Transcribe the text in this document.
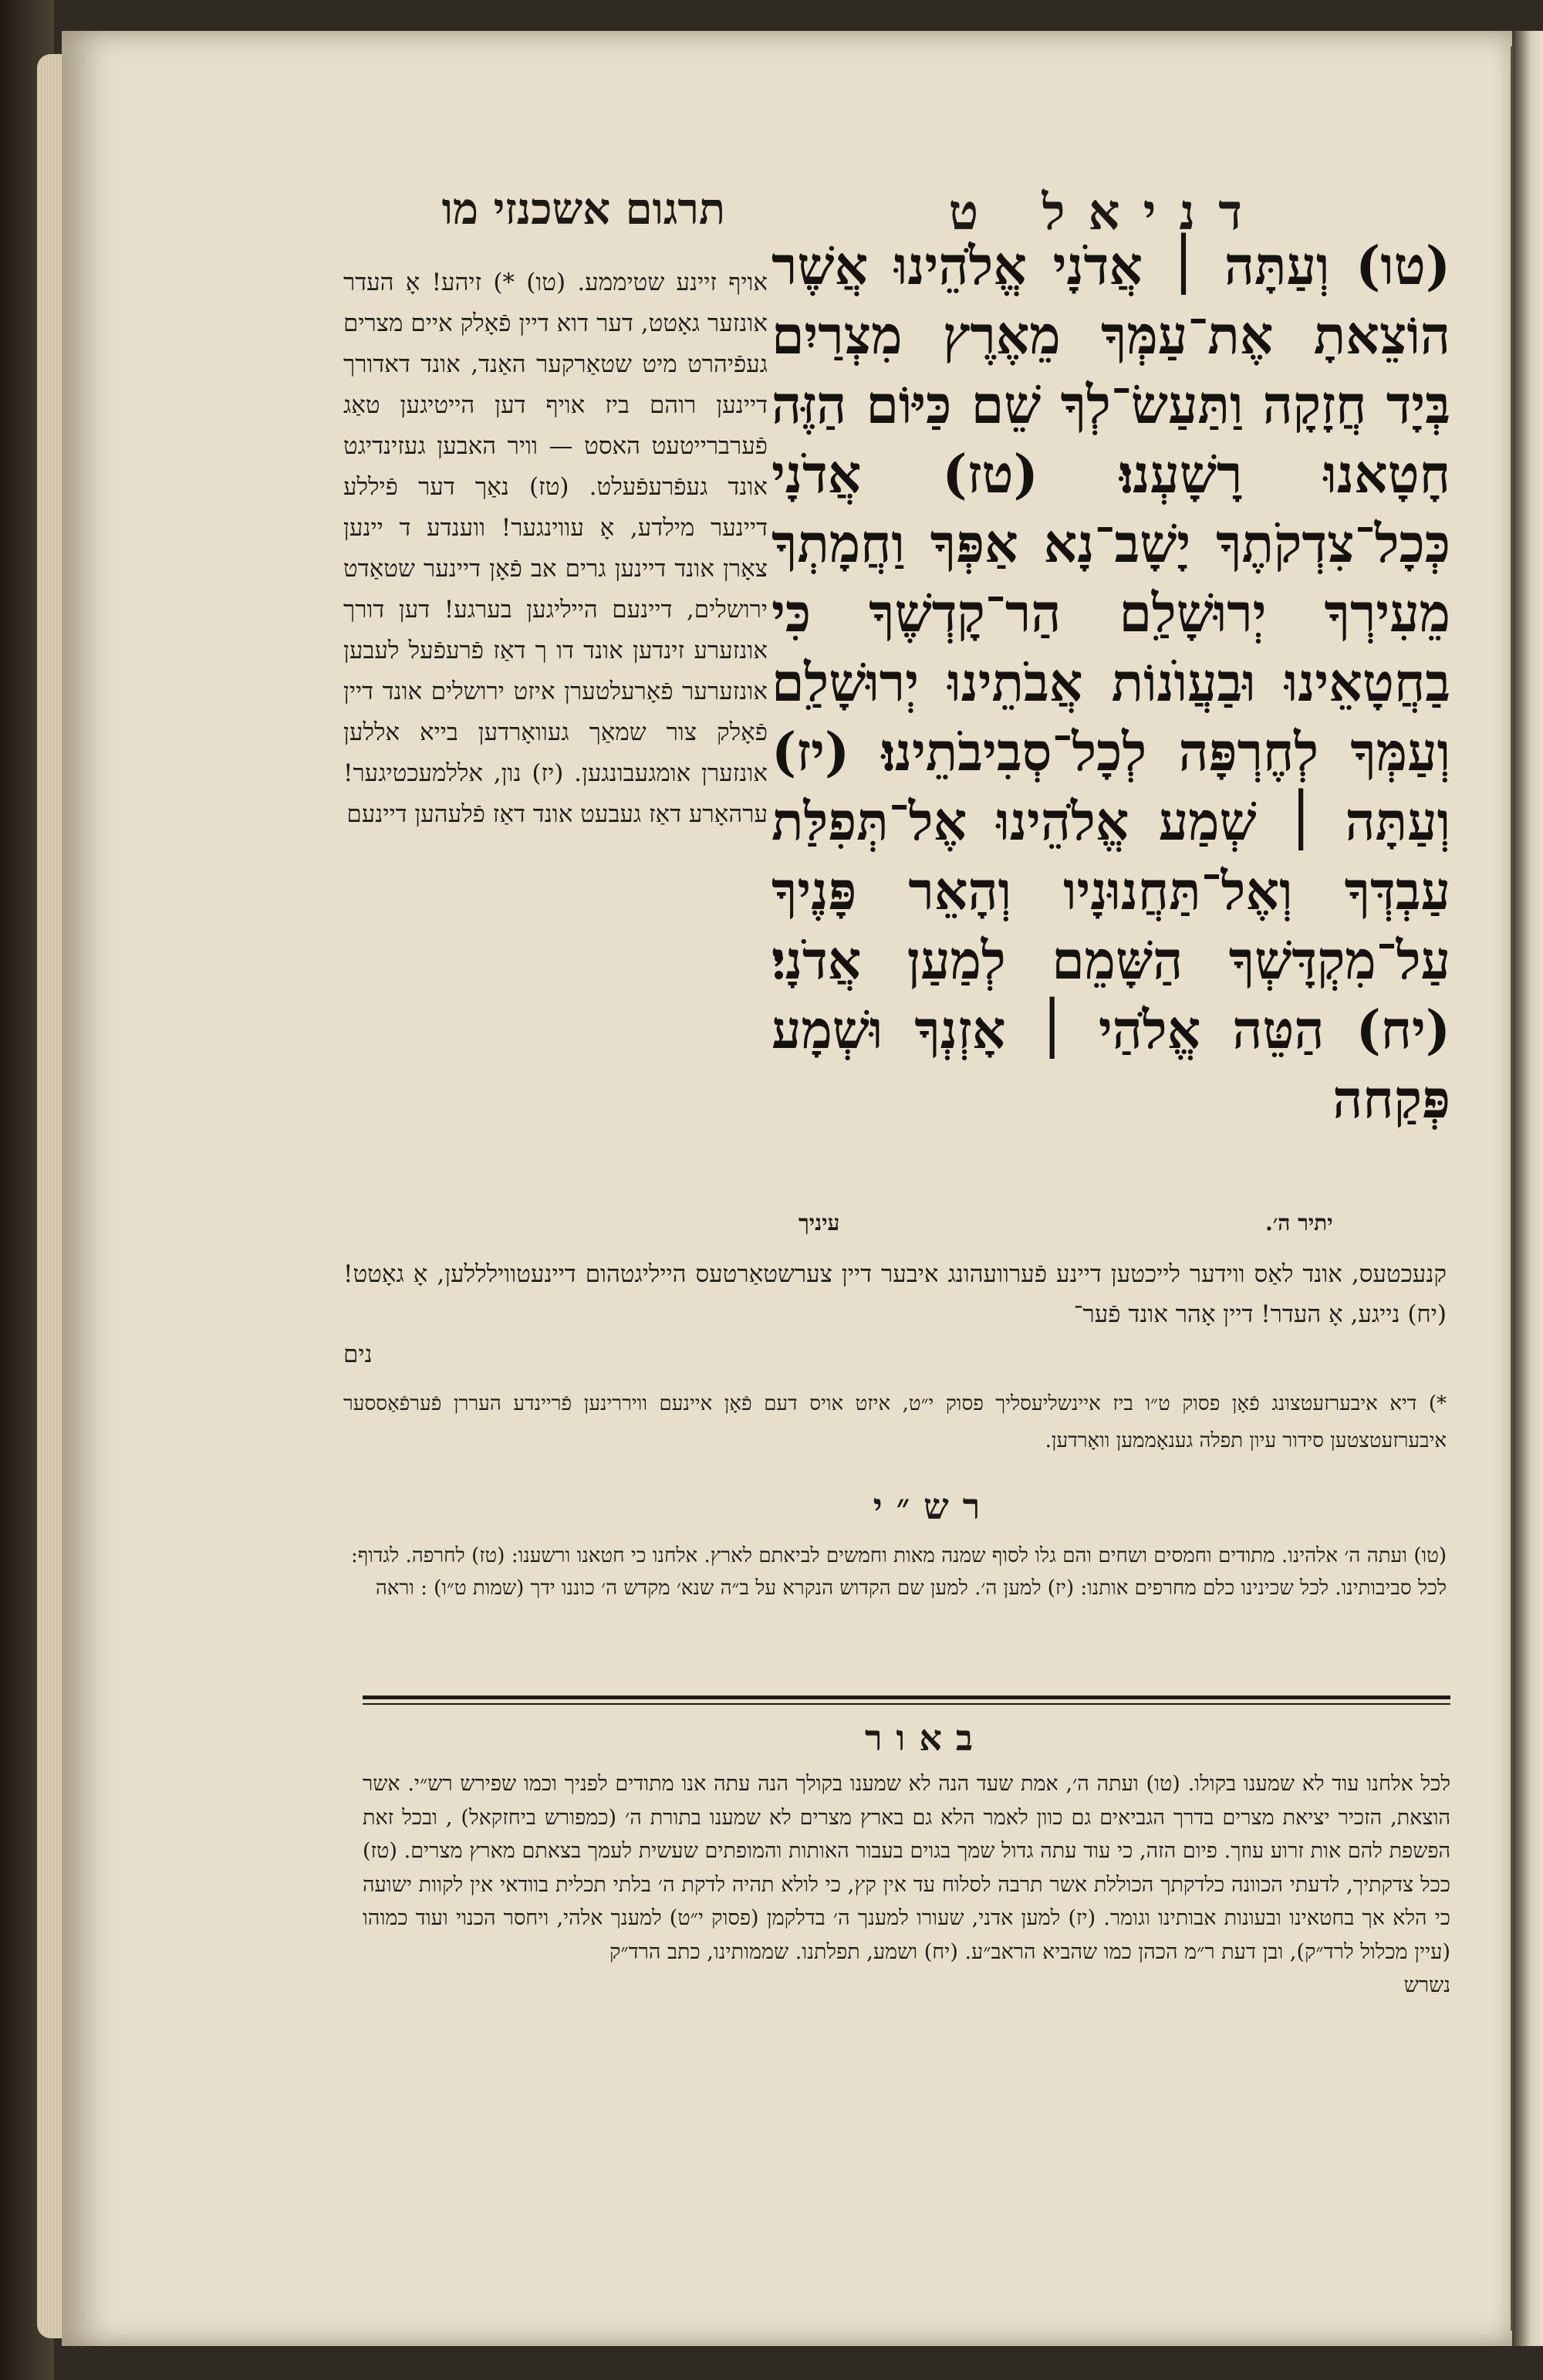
תרגום אשכנזי מו	דניאל ט
(טו) וְעַתָּה ׀ אֲדֹנָי אֱלֹהֵינוּ אֲשֶׁר הוֹצֵאתָ אֶת־עַמְּךָ מֵאֶרֶץ מִצְרַיִם בְּיָד חֲזָקָה וַתַּעַשׂ־לְךָ שֵׁם כַּיּוֹם הַזֶּה חָטָאנוּ רָשָׁעְנוּ׃ (טז) אֲדֹנָי כְּכָל־צִדְקֹתֶךָ יָשָׁב־נָא אַפְּךָ וַחֲמָתְךָ מֵעִירְךָ יְרוּשָׁלִַם הַר־קָדְשֶׁךָ כִּי בַחֲטָאֵינוּ וּבַעֲוֺנוֹת אֲבֹתֵינוּ יְרוּשָׁלִַם וְעַמְּךָ לְחֶרְפָּה לְכָל־סְבִיבֹתֵינוּ׃ (יז) וְעַתָּה ׀ שְׁמַע אֱלֹהֵינוּ אֶל־תְּפִלַּת עַבְדְּךָ וְאֶל־תַּחֲנוּנָיו וְהָאֵר פָּנֶיךָ עַל־מִקְדָּשְׁךָ הַשָּׁמֵם לְמַעַן אֲדֹנָי׃ (יח) הַטֵּה אֱלֹהַי ׀ אָזְנְךָ וּשְׁמָע פְּקַחה
אויף זיינע שטיממע. (טו) *) זיהע! אָ העדר אונזער גאָטט, דער דוא דיין פֿאָלק איים מצרים געפֿיהרט מיט שטאַרקער האַנד, אונד דאדורך דיינען רוהם ביז אויף דען הייטיגען טאַג פֿערברייטעט האסט — וויר האבען געזינדיגט אונד געפֿרעפֿעלט. (טז) נאַך דער פֿיללע דיינער מילדע, אָ עווינגער! ווענדע ד יינען צאָרן אונד דיינען גרים אב פֿאָן דיינער שטאַדט ירושלים, דיינעם הייליגען בערגע! דען דורך אונזערע זינדען אונד דו ך דאַז פֿרעפֿעל לעבען אונזערער פֿאָרעלטערן איזט ירושלים אונד דיין פֿאָלק צור שמאַך געוואָרדען בייא אללען אונזערן אומגעבונגען. (יז) נון, אללמעכטיגער! ערהאָרע דאַז געבעט אונד דאַז פֿלעהען דיינעם
עיניך	יתיר ה׳.
קנעכטעס, אונד לאַס ווידער לייכטען דיינע פֿערוועהונג איבער דיין צערשטאַרטעס הייליגטהום דיינעטווילללען, אָ גאָטט! (יח) נייגע, אָ העדר! דיין אָהר אונד פֿער־
נים
*) דיא איבערזעטצונג פֿאָן פסוק ט״ו ביז איינשליעסליך פסוק י״ט, איזט אויס דעם פֿאָן איינעם וויררינען פֿריינדע העררן פֿערפֿאַססער איבערזעטצטען סידור עיון תפלה גענאָממען וואָרדען.
רש״י
(טו) ועתה ה׳ אלהינו. מתודים וחמסים ושחים והם גלו לסוף שמנה מאות וחמשים לביאתם לארץ. אלחנו כי חטאנו ורשענו: (טז) לחרפה. לגדוף: לכל סביבותינו. לכל שכינינו כלם מחרפים אותנו: (יז) למען ה׳. למען שם הקדוש הנקרא על ב״ה שנא׳ מקדש ה׳ כוננו ידך (שמות ט״ו) : וראה
באור
לכל אלחנו עוד לא שמענו בקולו. (טו) ועתה ה׳, אמת שעד הנה לא שמענו בקולך הנה עתה אנו מתודים לפניך וכמו שפירש רש״י. אשר הוצאת, הזכיר יציאת מצרים בדרך הגביאים גם כוון לאמר הלא גם בארץ מצרים לא שמענו בתורת ה׳ (כמפורש ביחזקאל) , ובכל זאת הפשפת להם אות זרוע עוזך. פיום הזה, כי עוד עתה גדול שמך בגוים בעבור האותות והמופתים שעשית לעמך בצאתם מארץ מצרים. (טז) ככל צדקתיך, לדעתי הכוונה כלדקתך הכוללת אשר תרבה לסלוח עד אין קץ, כי לולא תהיה לדקת ה׳ בלתי תכלית בוודאי אין לקוות ישועה כי הלא אך בחטאינו ובעונות אבותינו וגומר. (יז) למען אדני, שעורו למענך ה׳ בדלקמן (פסוק י״ט) למענך אלהי, ויחסר הכנוי ועוד כמוהו (עיין מכלול לרד״ק), ובן דעת ר״מ הכהן כמו שהביא הראב״ע. (יח) ושמע, תפלתנו. שממותינו, כתב הרד״ק
נשרש
